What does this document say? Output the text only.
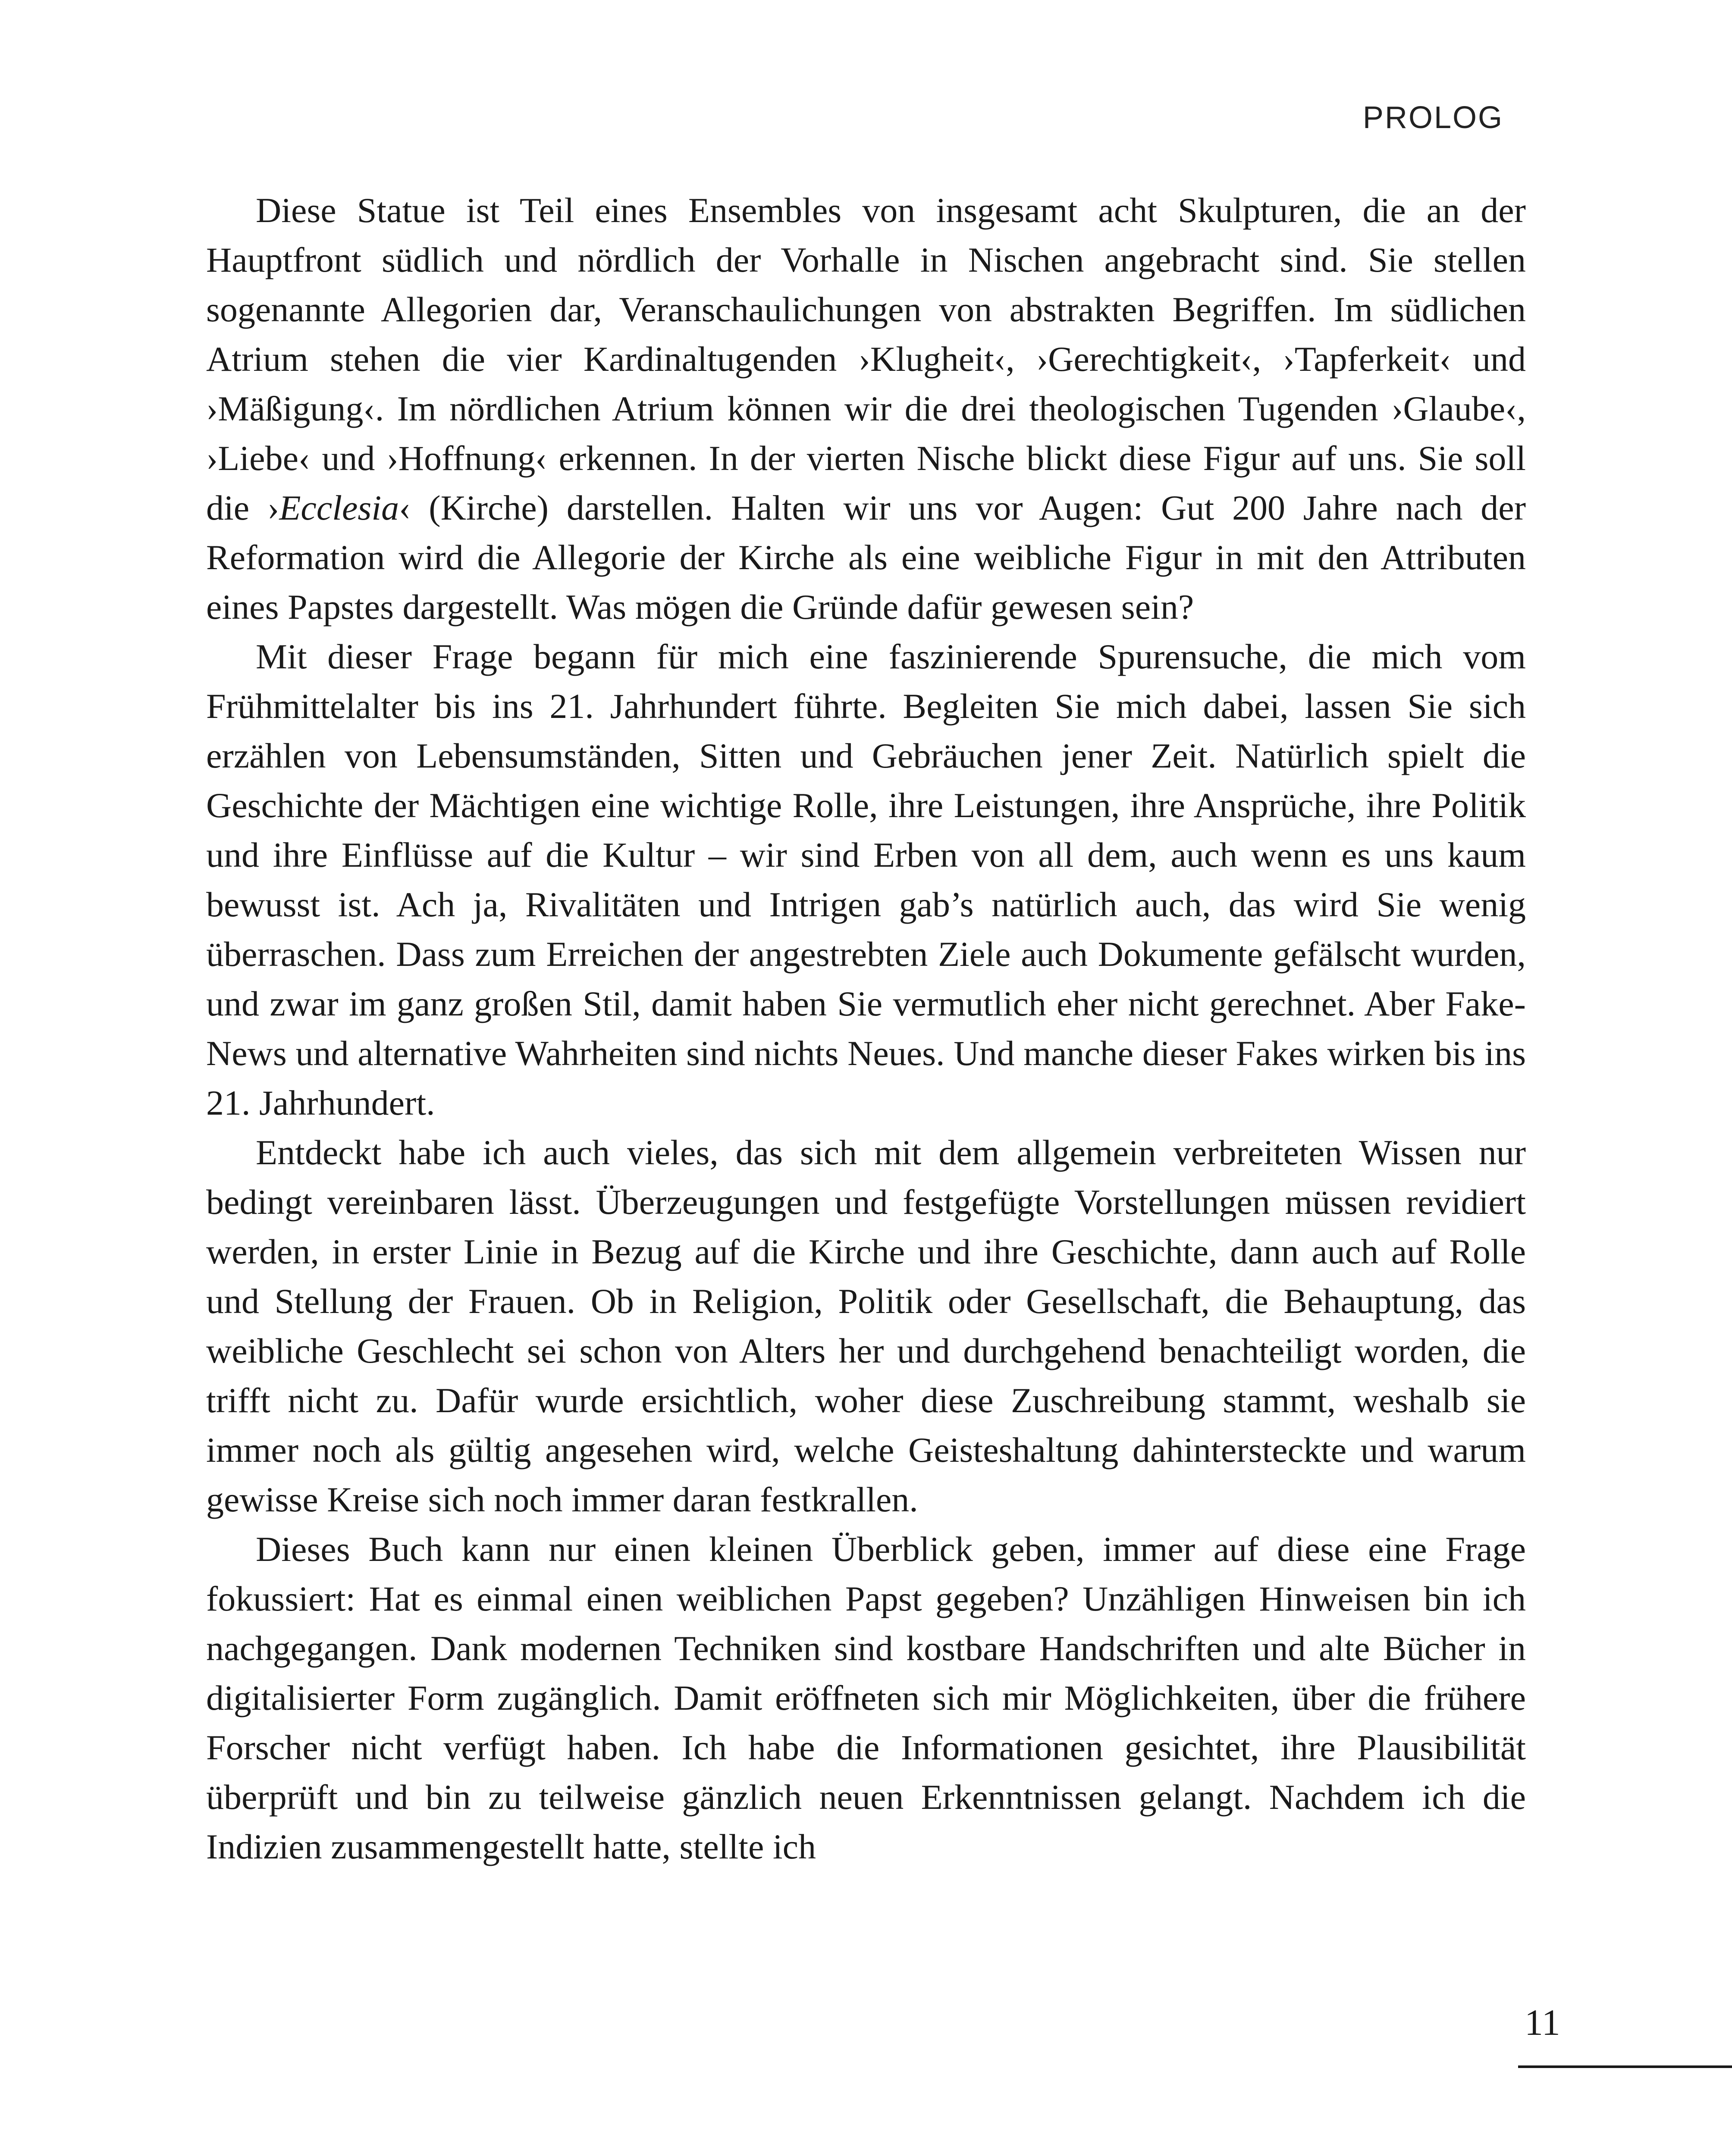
PROLOG

Diese Statue ist Teil eines Ensembles von insgesamt acht Skulpturen, die an der Hauptfront südlich und nördlich der Vorhalle in Nischen angebracht sind. Sie stellen sogenannte Allegorien dar, Veranschaulichungen von abstrakten Begriffen. Im südlichen Atrium stehen die vier Kardinaltugenden ›Klugheit‹, ›Gerechtigkeit‹, ›Tapferkeit‹ und ›Mäßigung‹. Im nördlichen Atrium können wir die drei theologischen Tugenden ›Glaube‹, ›Liebe‹ und ›Hoffnung‹ erkennen. In der vierten Nische blickt diese Figur auf uns. Sie soll die ›Ecclesia‹ (Kirche) darstellen. Halten wir uns vor Augen: Gut 200 Jahre nach der Reformation wird die Allegorie der Kirche als eine weibliche Figur in mit den Attributen eines Papstes dargestellt. Was mögen die Gründe dafür gewesen sein?

Mit dieser Frage begann für mich eine faszinierende Spurensuche, die mich vom Frühmittelalter bis ins 21. Jahrhundert führte. Begleiten Sie mich dabei, lassen Sie sich erzählen von Lebensumständen, Sitten und Gebräuchen jener Zeit. Natürlich spielt die Geschichte der Mächtigen eine wichtige Rolle, ihre Leistungen, ihre Ansprüche, ihre Politik und ihre Einflüsse auf die Kultur – wir sind Erben von all dem, auch wenn es uns kaum bewusst ist. Ach ja, Rivalitäten und Intrigen gab’s natürlich auch, das wird Sie wenig überraschen. Dass zum Erreichen der angestrebten Ziele auch Dokumente gefälscht wurden, und zwar im ganz großen Stil, damit haben Sie vermutlich eher nicht gerechnet. Aber Fake-News und alternative Wahrheiten sind nichts Neues. Und manche dieser Fakes wirken bis ins 21. Jahrhundert.

Entdeckt habe ich auch vieles, das sich mit dem allgemein verbreiteten Wissen nur bedingt vereinbaren lässt. Überzeugungen und festgefügte Vorstellungen müssen revidiert werden, in erster Linie in Bezug auf die Kirche und ihre Geschichte, dann auch auf Rolle und Stellung der Frauen. Ob in Religion, Politik oder Gesellschaft, die Behauptung, das weibliche Geschlecht sei schon von Alters her und durchgehend benachteiligt worden, die trifft nicht zu. Dafür wurde ersichtlich, woher diese Zuschreibung stammt, weshalb sie immer noch als gültig angesehen wird, welche Geisteshaltung dahintersteckte und warum gewisse Kreise sich noch immer daran festkrallen.

Dieses Buch kann nur einen kleinen Überblick geben, immer auf diese eine Frage fokussiert: Hat es einmal einen weiblichen Papst gegeben? Unzähligen Hinweisen bin ich nachgegangen. Dank modernen Techniken sind kostbare Handschriften und alte Bücher in digitalisierter Form zugänglich. Damit eröffneten sich mir Möglichkeiten, über die frühere Forscher nicht verfügt haben. Ich habe die Informationen gesichtet, ihre Plausibilität überprüft und bin zu teilweise gänzlich neuen Erkenntnissen gelangt. Nachdem ich die Indizien zusammengestellt hatte, stellte ich

11
